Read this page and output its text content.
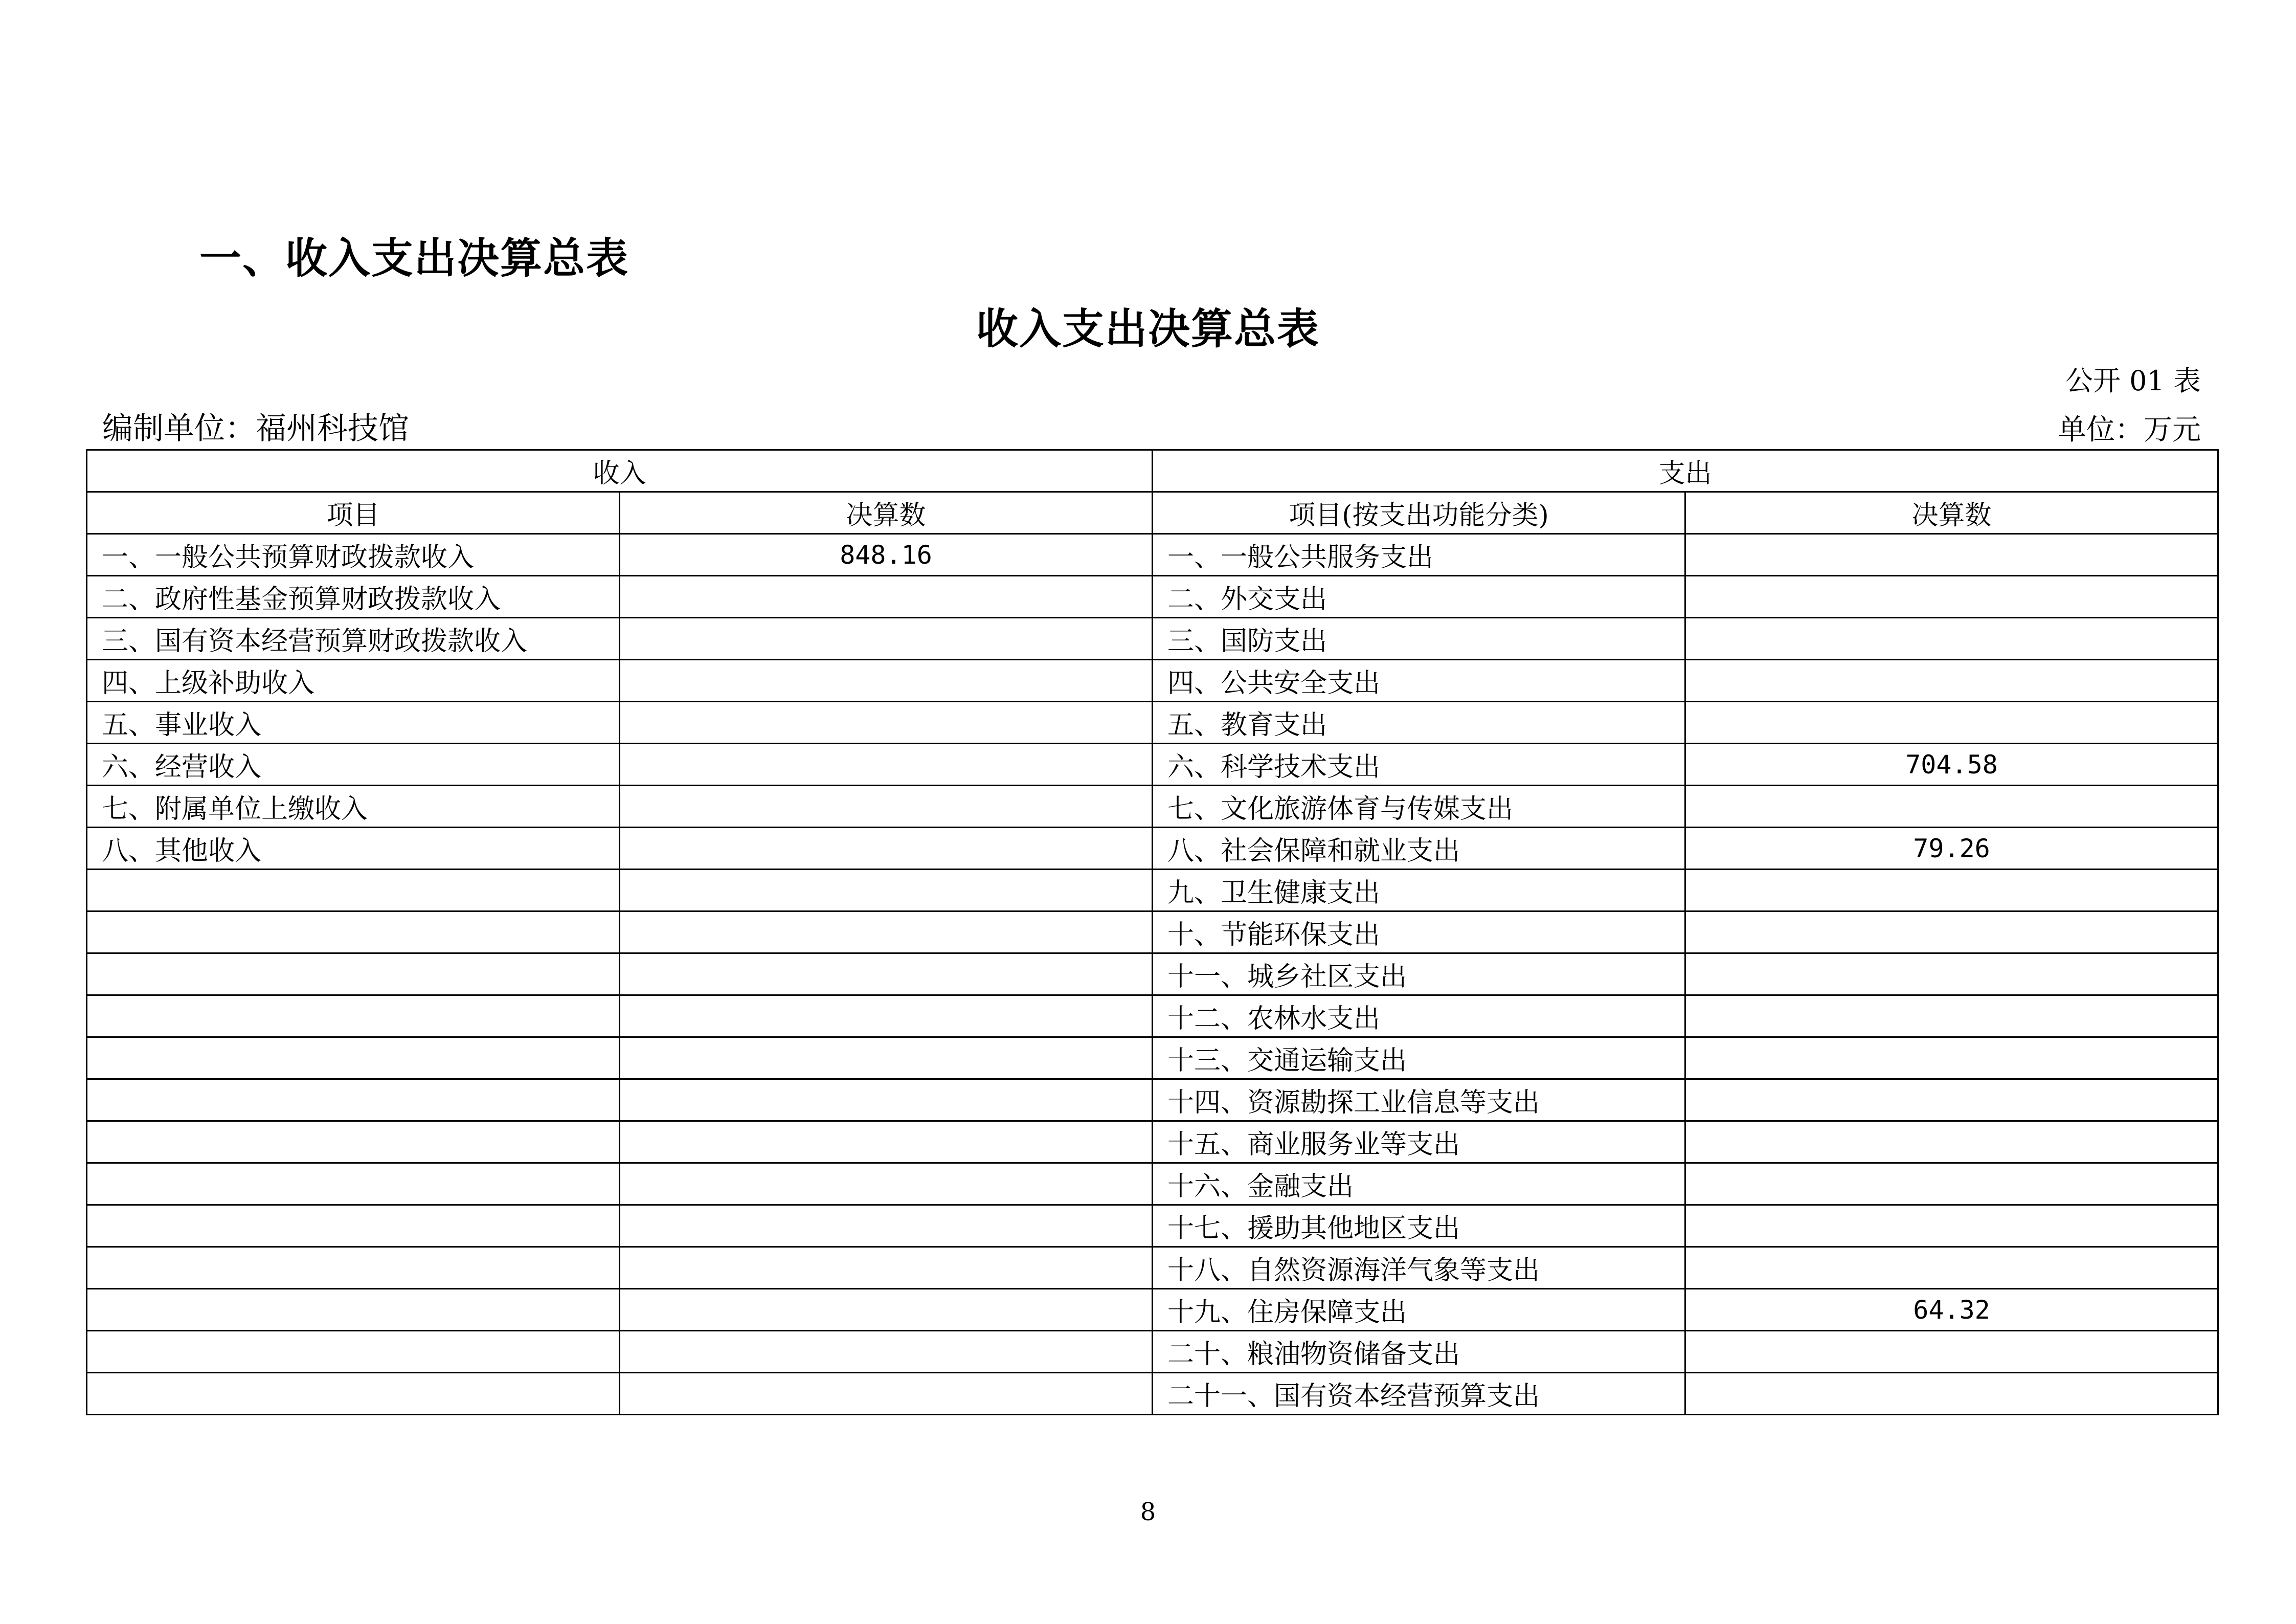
一、收入支出决算总表
收入支出决算总表
公开 01 表
编制单位：福州科技馆	单位：万元
收入		支出	
项目	决算数	项目(按支出功能分类)	决算数
一、一般公共预算财政拨款收入	848.16	一、一般公共服务支出	
二、政府性基金预算财政拨款收入		二、外交支出	
三、国有资本经营预算财政拨款收入		三、国防支出	
四、上级补助收入		四、公共安全支出	
五、事业收入		五、教育支出	
六、经营收入		六、科学技术支出	704.58
七、附属单位上缴收入		七、文化旅游体育与传媒支出	
八、其他收入		八、社会保障和就业支出	79.26
		九、卫生健康支出	
		十、节能环保支出	
		十一、城乡社区支出	
		十二、农林水支出	
		十三、交通运输支出	
		十四、资源勘探工业信息等支出	
		十五、商业服务业等支出	
		十六、金融支出	
		十七、援助其他地区支出	
		十八、自然资源海洋气象等支出	
		十九、住房保障支出	64.32
		二十、粮油物资储备支出	
		二十一、国有资本经营预算支出	
8
